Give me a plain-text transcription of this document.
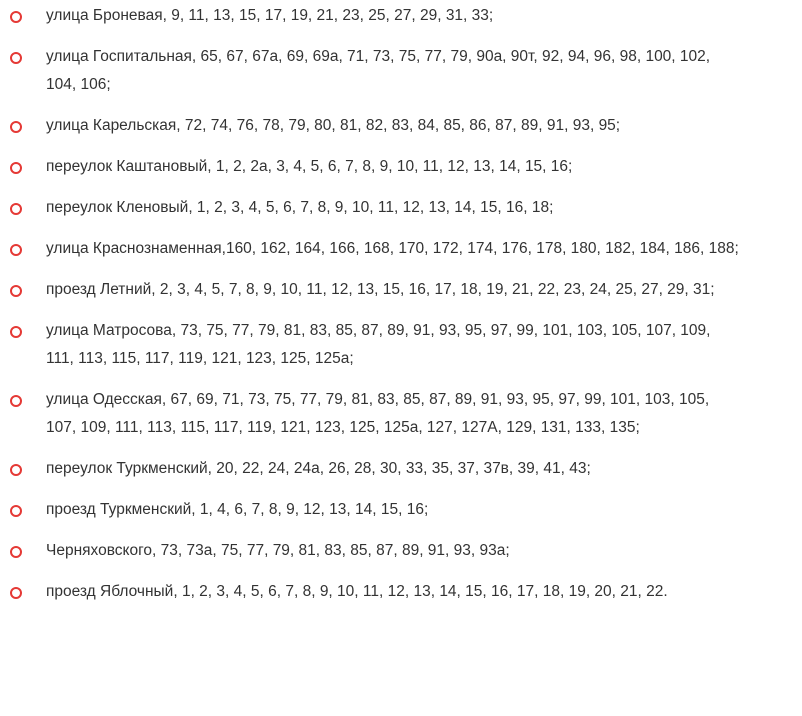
улица Броневая, 9, 11, 13, 15, 17, 19, 21, 23, 25, 27, 29, 31, 33;
улица Госпитальная, 65, 67, 67а, 69, 69а, 71, 73, 75, 77, 79, 90а, 90т, 92, 94, 96, 98, 100, 102, 104, 106;
улица Карельская, 72, 74, 76, 78, 79, 80, 81, 82, 83, 84, 85, 86, 87, 89, 91, 93, 95;
переулок Каштановый, 1, 2, 2а, 3, 4, 5, 6, 7, 8, 9, 10, 11, 12, 13, 14, 15, 16;
переулок Кленовый, 1, 2, 3, 4, 5, 6, 7, 8, 9, 10, 11, 12, 13, 14, 15, 16, 18;
улица Краснознаменная,160, 162, 164, 166, 168, 170, 172, 174, 176, 178, 180, 182, 184, 186, 188;
проезд Летний, 2, 3, 4, 5, 7, 8, 9, 10, 11, 12, 13, 15, 16, 17, 18, 19, 21, 22, 23, 24, 25, 27, 29, 31;
улица Матросова, 73, 75, 77, 79, 81, 83, 85, 87, 89, 91, 93, 95, 97, 99, 101, 103, 105, 107, 109, 111, 113, 115, 117, 119, 121, 123, 125, 125а;
улица Одесская, 67, 69, 71, 73, 75, 77, 79, 81, 83, 85, 87, 89, 91, 93, 95, 97, 99, 101, 103, 105, 107, 109, 111, 113, 115, 117, 119, 121, 123, 125, 125а, 127, 127А, 129, 131, 133, 135;
переулок Туркменский, 20, 22, 24, 24а, 26, 28, 30, 33, 35, 37, 37в, 39, 41, 43;
проезд Туркменский, 1, 4, 6, 7, 8, 9, 12, 13, 14, 15, 16;
Черняховского, 73, 73а, 75, 77, 79, 81, 83, 85, 87, 89, 91, 93, 93а;
проезд Яблочный, 1, 2, 3, 4, 5, 6, 7, 8, 9, 10, 11, 12, 13, 14, 15, 16, 17, 18, 19, 20, 21, 22.
